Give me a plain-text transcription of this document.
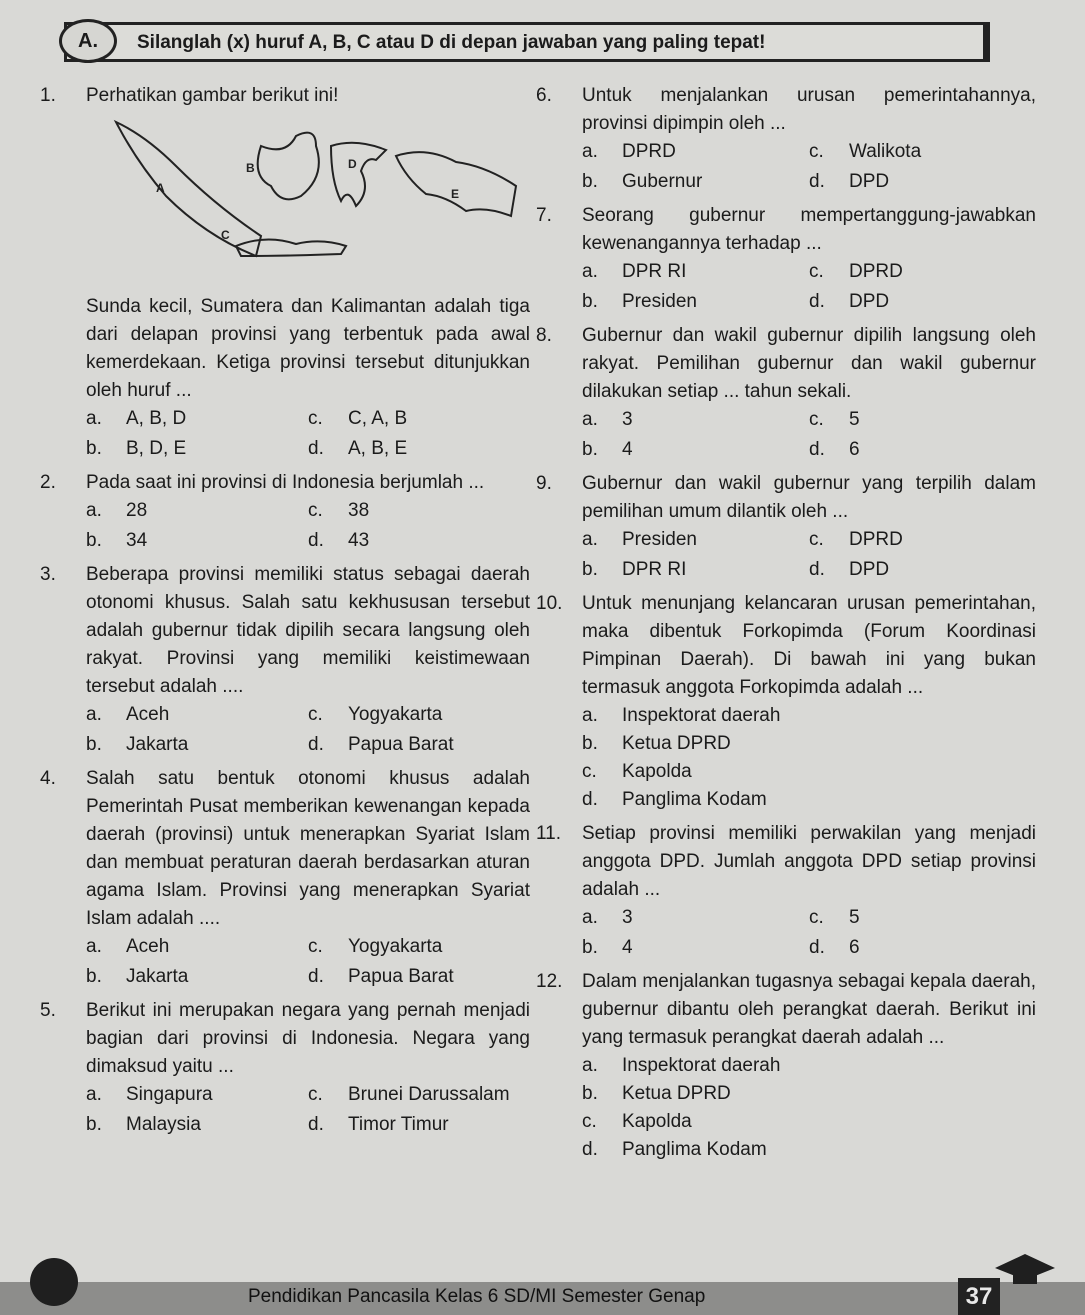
A.	Silanglah (x) huruf A, B, C atau D di depan jawaban yang paling tepat!
1.	Perhatikan gambar berikut ini!
A
B
C
D
E
Sunda kecil, Sumatera dan Kalimantan adalah tiga dari delapan provinsi yang terbentuk pada awal kemerdekaan. Ketiga provinsi tersebut ditunjukkan oleh huruf ...
a.	A, B, D	c.	C, A, B
b.	B, D, E	d.	A, B, E
2.	Pada saat ini provinsi di Indonesia berjumlah ...
a.	28	c.	38
b.	34	d.	43
3.	Beberapa provinsi memiliki status sebagai daerah otonomi khusus. Salah satu kekhususan tersebut adalah gubernur tidak dipilih secara langsung oleh rakyat. Provinsi yang memiliki keistimewaan tersebut adalah ....
a.	Aceh	c.	Yogyakarta
b.	Jakarta	d.	Papua Barat
4.	Salah satu bentuk otonomi khusus adalah Pemerintah Pusat memberikan kewenangan kepada daerah (provinsi) untuk menerapkan Syariat Islam dan membuat peraturan daerah berdasarkan aturan agama Islam. Provinsi yang menerapkan Syariat Islam adalah ....
a.	Aceh	c.	Yogyakarta
b.	Jakarta	d.	Papua Barat
5.	Berikut ini merupakan negara yang pernah menjadi bagian dari provinsi di Indonesia. Negara yang dimaksud yaitu ...
a.	Singapura	c.	Brunei Darussalam
b.	Malaysia	d.	Timor Timur
6.	Untuk menjalankan urusan pemerintahannya, provinsi dipimpin oleh ...
a.	DPRD	c.	Walikota
b.	Gubernur	d.	DPD
7.	Seorang gubernur mempertanggung-jawabkan kewenangannya terhadap ...
a.	DPR RI	c.	DPRD
b.	Presiden	d.	DPD
8.	Gubernur dan wakil gubernur dipilih langsung oleh rakyat. Pemilihan gubernur dan wakil gubernur dilakukan setiap ... tahun sekali.
a.	3	c.	5
b.	4	d.	6
9.	Gubernur dan wakil gubernur yang terpilih dalam pemilihan umum dilantik oleh ...
a.	Presiden	c.	DPRD
b.	DPR RI	d.	DPD
10.	Untuk menunjang kelancaran urusan pemerintahan, maka dibentuk Forkopimda (Forum Koordinasi Pimpinan Daerah). Di bawah ini yang bukan termasuk anggota Forkopimda adalah ...
a.	Inspektorat daerah
b.	Ketua DPRD
c.	Kapolda
d.	Panglima Kodam
11.	Setiap provinsi memiliki perwakilan yang menjadi anggota DPD. Jumlah anggota DPD setiap provinsi adalah ...
a.	3	c.	5
b.	4	d.	6
12.	Dalam menjalankan tugasnya sebagai kepala daerah, gubernur dibantu oleh perangkat daerah. Berikut ini yang termasuk perangkat daerah adalah ...
a.	Inspektorat daerah
b.	Ketua DPRD
c.	Kapolda
d.	Panglima Kodam
Pendidikan Pancasila Kelas 6 SD/MI Semester Genap	37
